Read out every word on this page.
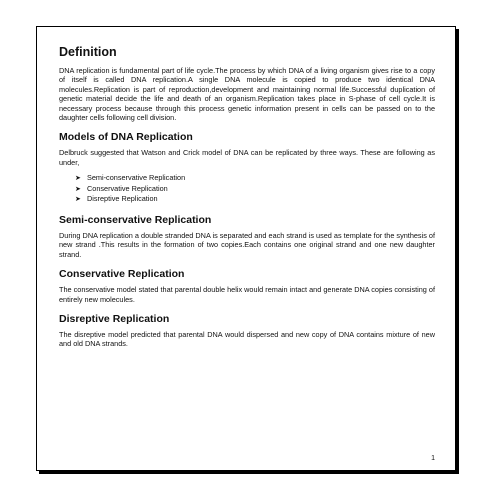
Definition

DNA replication is fundamental part of life cycle.The process by which DNA of a living organism gives rise to a copy of itself is called DNA replication.A single DNA molecule is copied to produce two identical DNA molecules.Replication is part of reproduction,development and maintaining normal life.Successful duplication of genetic material decide the life and death of an organism.Replication takes place in S-phase of cell cycle.It is necessary process because through this process genetic information present in cells can be passed on to the daughter cells following cell division.

Models of DNA Replication

Delbruck suggested that Watson and Crick model of DNA can be replicated by three ways. These are following as under,

➤ Semi-conservative Replication
➤ Conservative Replication
➤ Disreptive Replication
Semi-conservative Replication

During DNA replication a double stranded DNA is separated and each strand is used as template for the synthesis of new strand .This results in the formation of two copies.Each contains one original strand and one new daughter strand.

Conservative Replication

The conservative model stated that parental double helix would remain intact and generate DNA copies consisting of entirely new molecules.

Disreptive Replication

The disreptive model predicted that parental DNA would dispersed and new copy of DNA contains mixture of new and old DNA strands.

1
